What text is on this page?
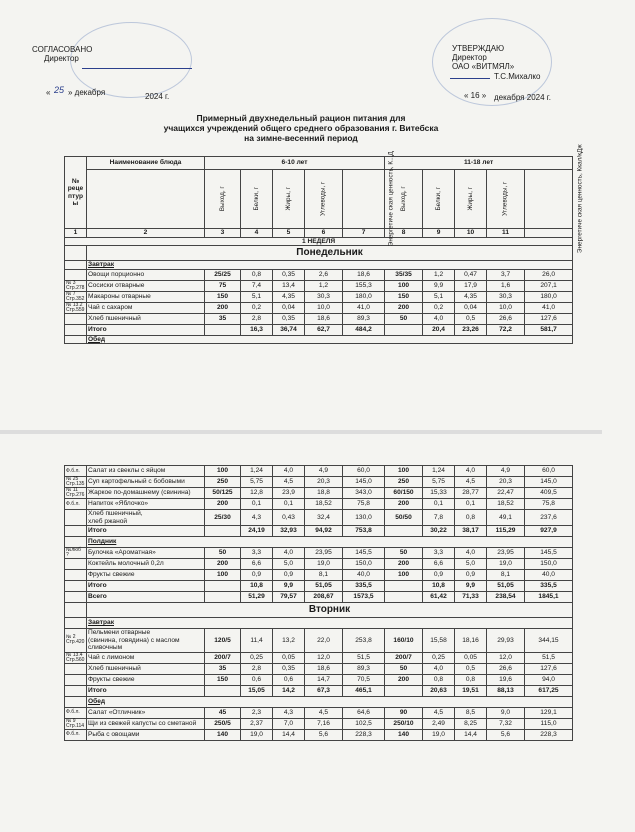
СОГЛАСОВАНО
Директор
« 25 » декабря	2024 г.
УТВЕРЖДАЮ
Директор
ОАО «ВИТМЯЛ»
Т.С.Михалко
« 16 » декабря 2024 г.
Примерный двухнедельный рацион питания для
учащихся учреждений общего среднего образования г. Витебска
на зимне-весенний период
№ реце птур ы	Наименование блюда	6-10 лет					11-18 лет				
		Выход, г	Белки, г	Жиры, г	Углеводы, г	Энергетиче ская ценность, К...Д	Выход, г	Белки, г	Жиры, г	Углеводы, г	Энергетиче ская ценность, Ккал/кДж
1	2	3	4	5	6	7	8	9	10	11	
1 НЕДЕЛЯ											
	Понедельник										
	Завтрак										
	Овощи порционно	25/25	0,8	0,35	2,6	18,6	35/35	1,2	0,47	3,7	26,0
№ 3 Стр.278	Сосиски отварные	75	7,4	13,4	1,2	155,3	100	9,9	17,9	1,6	207,1
№ 7 Стр.352	Макароны отварные	150	5,1	4,35	30,3	180,0	150	5,1	4,35	30,3	180,0
№ 13.2 Стр.559	Чай с сахаром	200	0,2	0,04	10,0	41,0	200	0,2	0,04	10,0	41,0
	Хлеб пшеничный	35	2,8	0,35	18,6	89,3	50	4,0	0,5	26,6	127,6
	Итого		16,3	36,74	62,7	484,2		20,4	23,26	72,2	581,7
	Обед										
Ф.б.л.	Салат из свеклы с яйцом	100	1,24	4,0	4,9	60,0	100	1,24	4,0	4,9	60,0
№ 25 Стр.135	Суп картофельный с бобовыми	250	5,75	4,5	20,3	145,0	250	5,75	4,5	20,3	145,0
№ 11 Стр.276	Жаркое по-домашнему (свинина)	50/125	12,8	23,9	18,8	343,0	60/150	15,33	28,77	22,47	409,5
Ф.б.л.	Напиток «Яблочко»	200	0,1	0,1	18,52	75,8	200	0,1	0,1	18,52	75,8
	Хлеб пшеничный,
хлеб ржаной	25/30	4,3	0,43	32,4	130,0	50/50	7,8	0,8	49,1	237,6
	Итого		24,19	32,93	94,92	753,8		30,22	38,17	115,29	927,9
	Полдник										
№люб ?	Булочка «Ароматная»	50	3,3	4,0	23,95	145,5	50	3,3	4,0	23,95	145,5
	Коктейль молочный 0,2л	200	6,6	5,0	19,0	150,0	200	6,6	5,0	19,0	150,0
	Фрукты свежие	100	0,9	0,9	8,1	40,0	100	0,9	0,9	8,1	40,0
	Итого		10,8	9,9	51,05	335,5		10,8	9,9	51,05	335,5
	Всего		51,29	79,57	208,67	1573,5		61,42	71,33	238,54	1845,1
	Вторник										
	Завтрак										
№ 2 Стр.420	Пельмени отварные
(свинина, говядина) с маслом
сливочным	120/5	11,4	13,2	22,0	253,8	160/10	15,58	18,16	29,93	344,15
№ 13.4 Стр.560	Чай с лимоном	200/7	0,25	0,05	12,0	51,5	200/7	0,25	0,05	12,0	51,5
	Хлеб пшеничный	35	2,8	0,35	18,6	89,3	50	4,0	0,5	26,6	127,6
	Фрукты свежие	150	0,6	0,6	14,7	70,5	200	0,8	0,8	19,6	94,0
	Итого		15,05	14,2	67,3	465,1		20,63	19,51	88,13	617,25
	Обед										
Ф.б.л.	Салат «Отличник»	45	2,3	4,3	4,5	64,6	90	4,5	8,5	9,0	129,1
№ 9 Стр.114	Щи из свежей капусты со сметаной	250/5	2,37	7,0	7,16	102,5	250/10	2,49	8,25	7,32	115,0
Ф.б.л.	Рыба с овощами	140	19,0	14,4	5,6	228,3	140	19,0	14,4	5,6	228,3
